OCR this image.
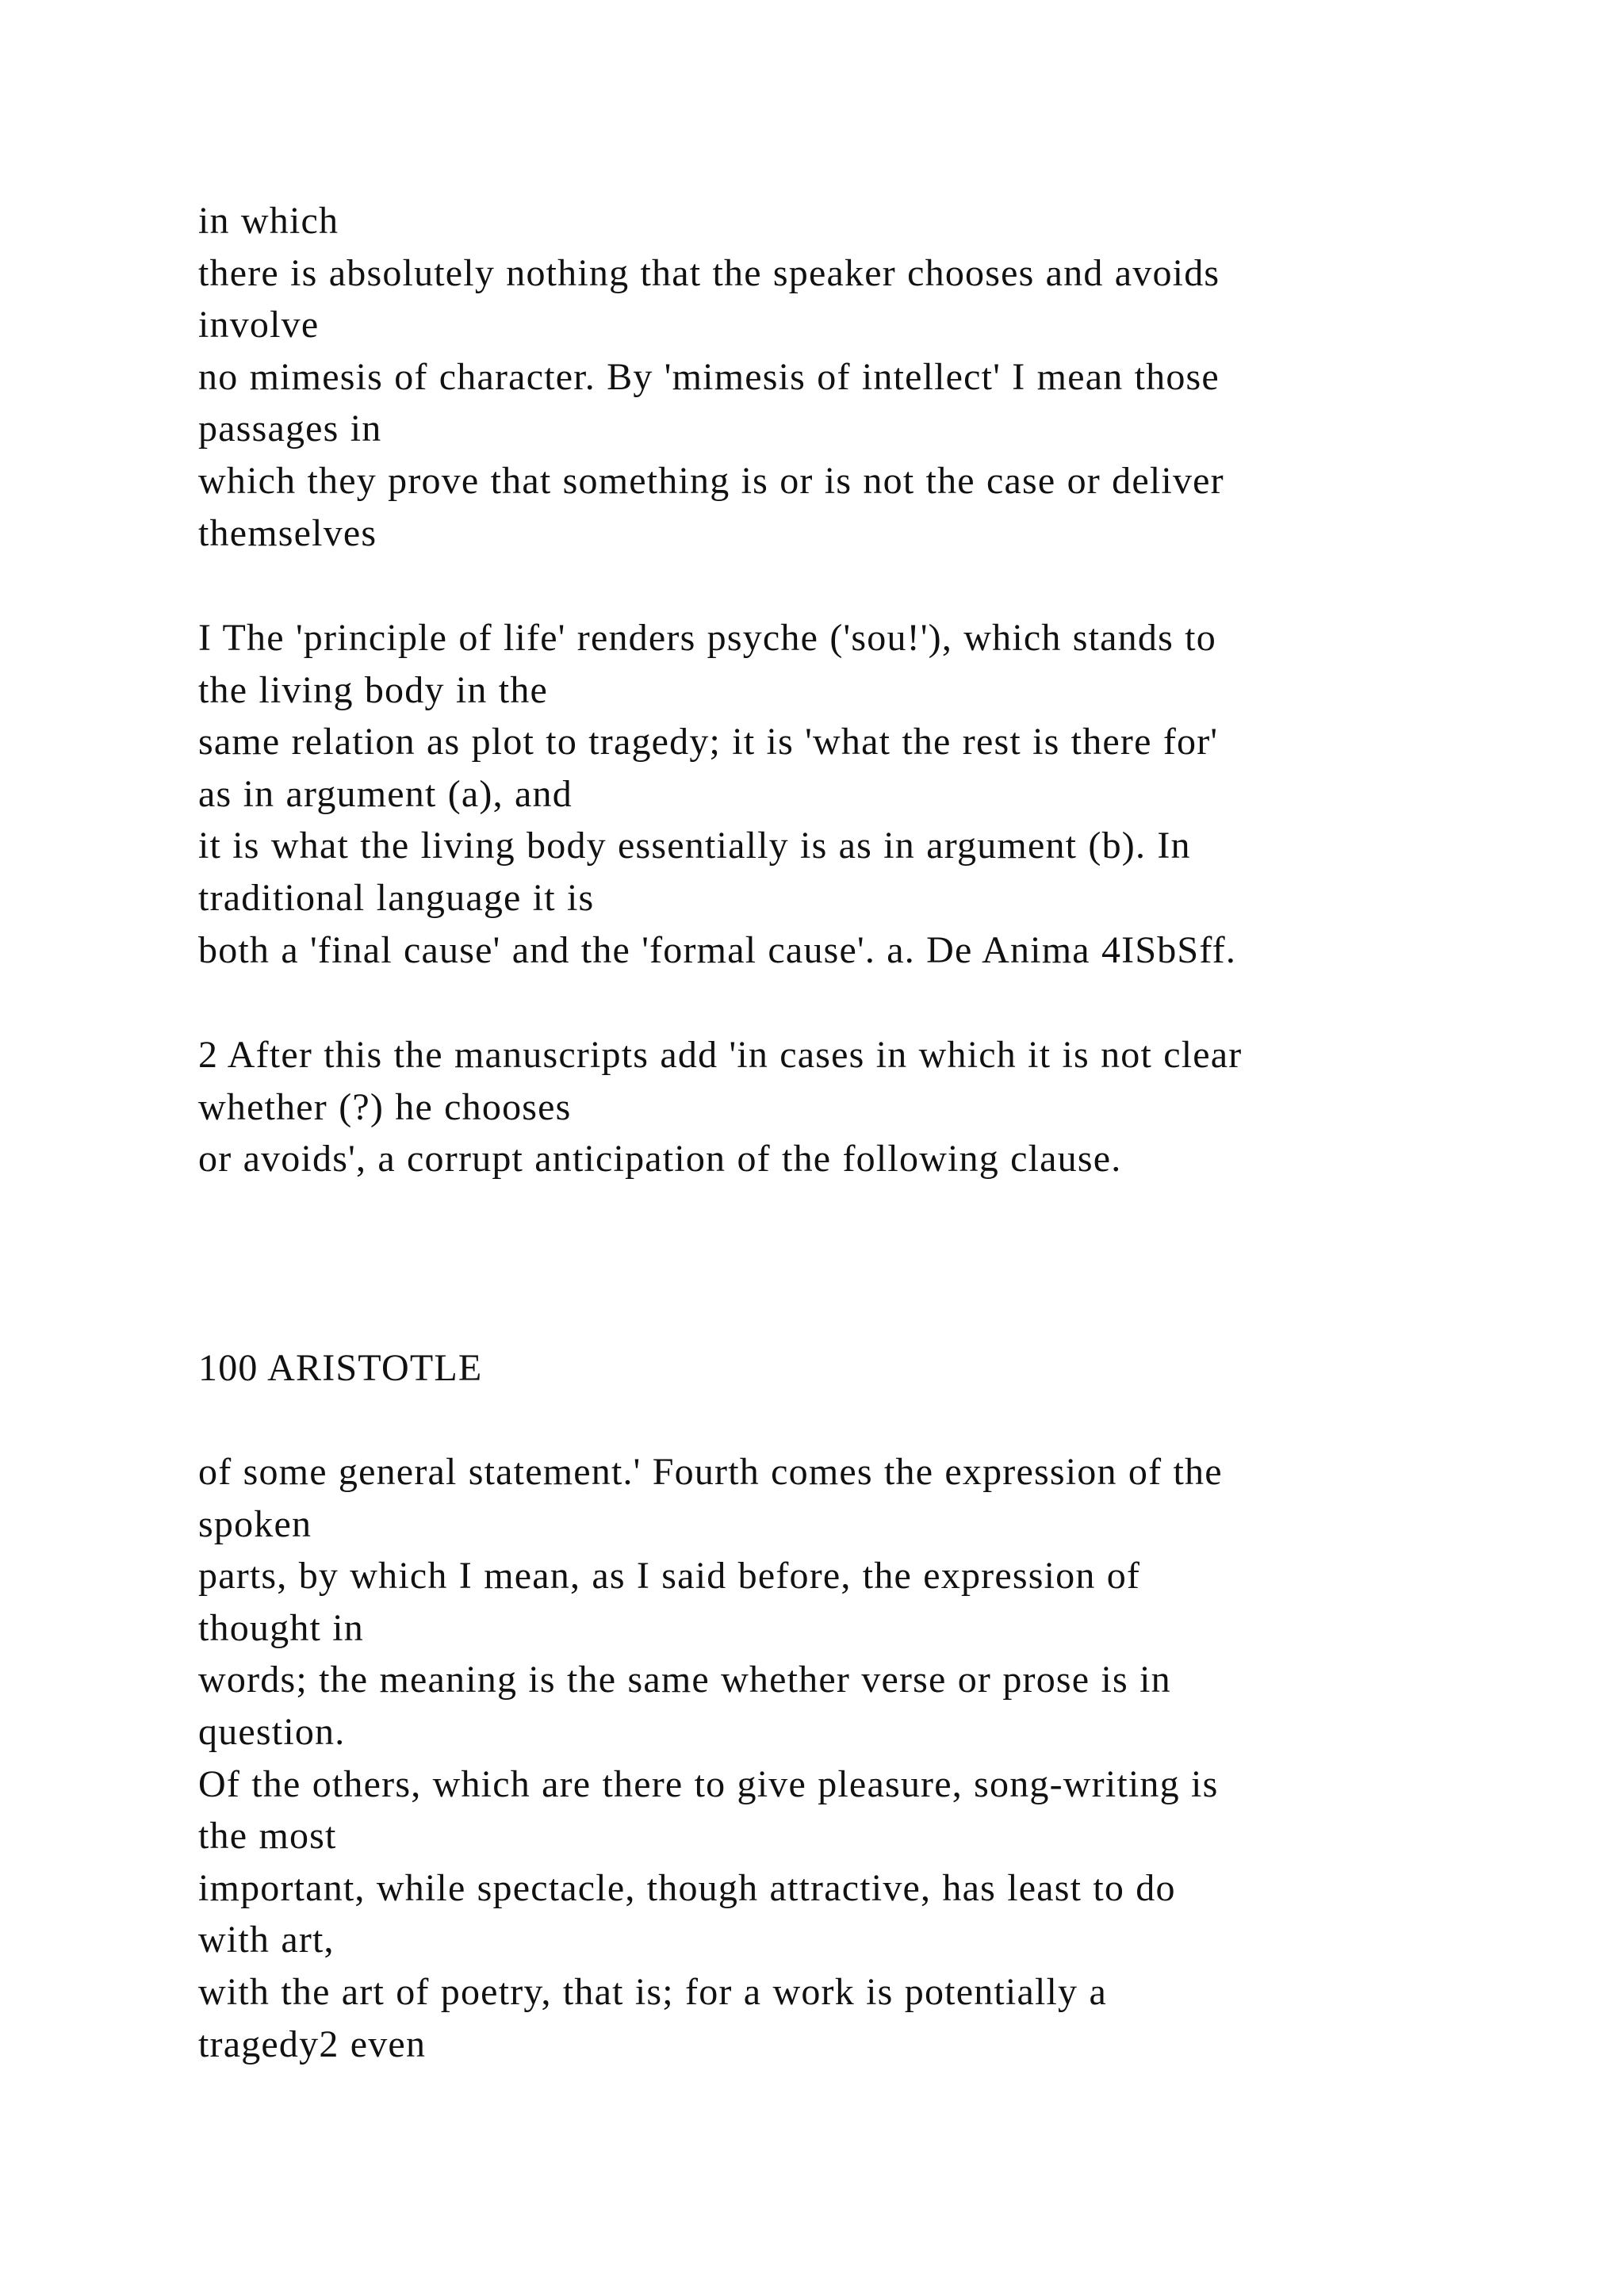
in which
there is absolutely nothing that the speaker chooses and avoids
involve
no mimesis of character. By 'mimesis of intellect' I mean those
passages in
which they prove that something is or is not the case or deliver
themselves
I The 'principle of life' renders psyche ('sou!'), which stands to
the living body in the
same relation as plot to tragedy; it is 'what the rest is there for'
as in argument (a), and
it is what the living body essentially is as in argument (b). In
traditional language it is
both a 'final cause' and the 'formal cause'. a. De Anima 4ISbSff.
2 After this the manuscripts add 'in cases in which it is not clear
whether (?) he chooses
or avoids', a corrupt anticipation of the following clause.
100 ARISTOTLE
of some general statement.' Fourth comes the expression of the
spoken
parts, by which I mean, as I said before, the expression of
thought in
words; the meaning is the same whether verse or prose is in
question.
Of the others, which are there to give pleasure, song-writing is
the most
important, while spectacle, though attractive, has least to do
with art,
with the art of poetry, that is; for a work is potentially a
tragedy2 even
